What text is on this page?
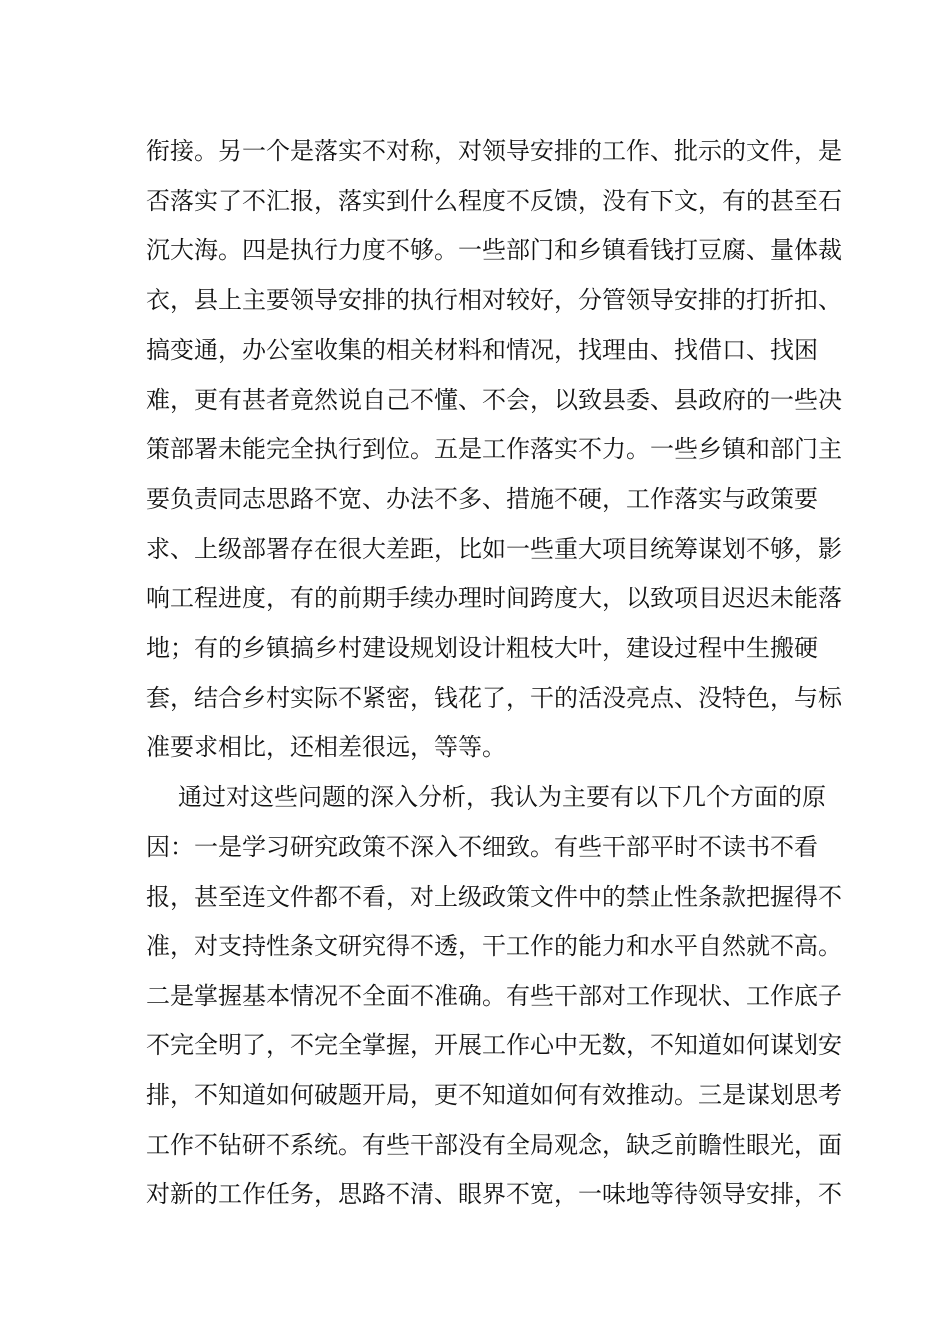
衔接。另一个是落实不对称，对领导安排的工作、批示的文件，是
否落实了不汇报，落实到什么程度不反馈，没有下文，有的甚至石
沉大海。四是执行力度不够。一些部门和乡镇看钱打豆腐、量体裁
衣，县上主要领导安排的执行相对较好，分管领导安排的打折扣、
搞变通，办公室收集的相关材料和情况，找理由、找借口、找困
难，更有甚者竟然说自己不懂、不会，以致县委、县政府的一些决
策部署未能完全执行到位。五是工作落实不力。一些乡镇和部门主
要负责同志思路不宽、办法不多、措施不硬，工作落实与政策要
求、上级部署存在很大差距，比如一些重大项目统筹谋划不够，影
响工程进度，有的前期手续办理时间跨度大，以致项目迟迟未能落
地；有的乡镇搞乡村建设规划设计粗枝大叶，建设过程中生搬硬
套，结合乡村实际不紧密，钱花了，干的活没亮点、没特色，与标
准要求相比，还相差很远，等等。
通过对这些问题的深入分析，我认为主要有以下几个方面的原
因：一是学习研究政策不深入不细致。有些干部平时不读书不看
报，甚至连文件都不看，对上级政策文件中的禁止性条款把握得不
准，对支持性条文研究得不透，干工作的能力和水平自然就不高。
二是掌握基本情况不全面不准确。有些干部对工作现状、工作底子
不完全明了，不完全掌握，开展工作心中无数，不知道如何谋划安
排，不知道如何破题开局，更不知道如何有效推动。三是谋划思考
工作不钻研不系统。有些干部没有全局观念，缺乏前瞻性眼光，面
对新的工作任务，思路不清、眼界不宽，一味地等待领导安排，不
